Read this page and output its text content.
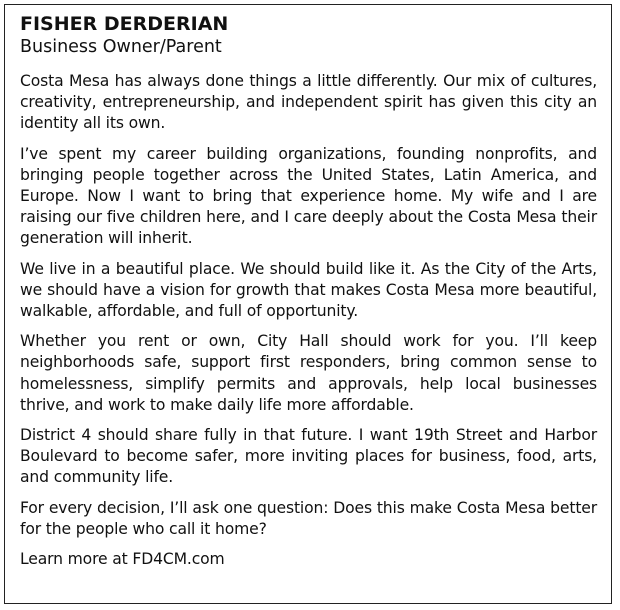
FISHER DERDERIAN
Business Owner/Parent

Costa Mesa has always done things a little differently. Our mix of cultures, creativity, entrepreneurship, and independent spirit has given this city an identity all its own.

I’ve spent my career building organizations, founding nonprofits, and bringing people together across the United States, Latin America, and Europe. Now I want to bring that experience home. My wife and I are raising our five children here, and I care deeply about the Costa Mesa their generation will inherit.

We live in a beautiful place. We should build like it. As the City of the Arts, we should have a vision for growth that makes Costa Mesa more beautiful, walkable, affordable, and full of opportunity.

Whether you rent or own, City Hall should work for you. I’ll keep neighborhoods safe, support first responders, bring common sense to homelessness, simplify permits and approvals, help local businesses thrive, and work to make daily life more affordable.

District 4 should share fully in that future. I want 19th Street and Harbor Boulevard to become safer, more inviting places for business, food, arts, and community life.

For every decision, I’ll ask one question: Does this make Costa Mesa better for the people who call it home?

Learn more at FD4CM.com
